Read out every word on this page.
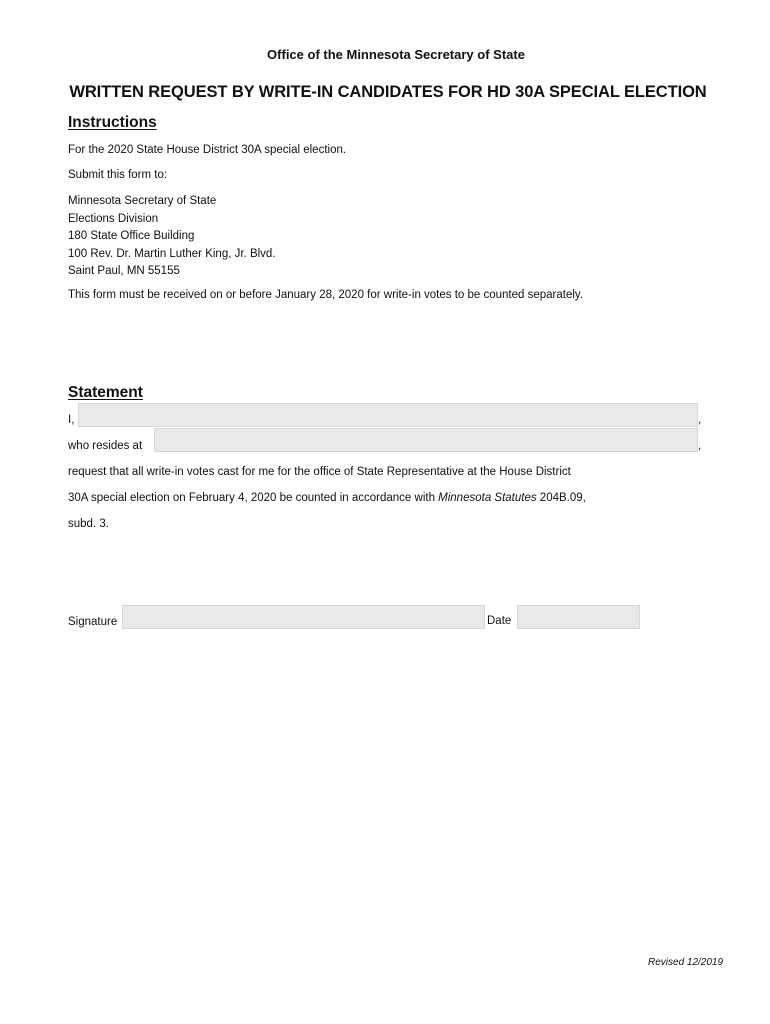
Office of the Minnesota Secretary of State
WRITTEN REQUEST BY WRITE-IN CANDIDATES FOR HD 30A SPECIAL ELECTION
Instructions
For the 2020 State House District 30A special election.
Submit this form to:
Minnesota Secretary of State
Elections Division
180 State Office Building
100 Rev. Dr. Martin Luther King, Jr. Blvd.
Saint Paul, MN 55155
This form must be received on or before January 28, 2020 for write-in votes to be counted separately.
Statement
I,	,
who resides at	,
request that all write-in votes cast for me for the office of State Representative at the House District
30A special election on February 4, 2020 be counted in accordance with Minnesota Statutes 204B.09,
subd. 3.
Signature	Date
Revised 12/2019
